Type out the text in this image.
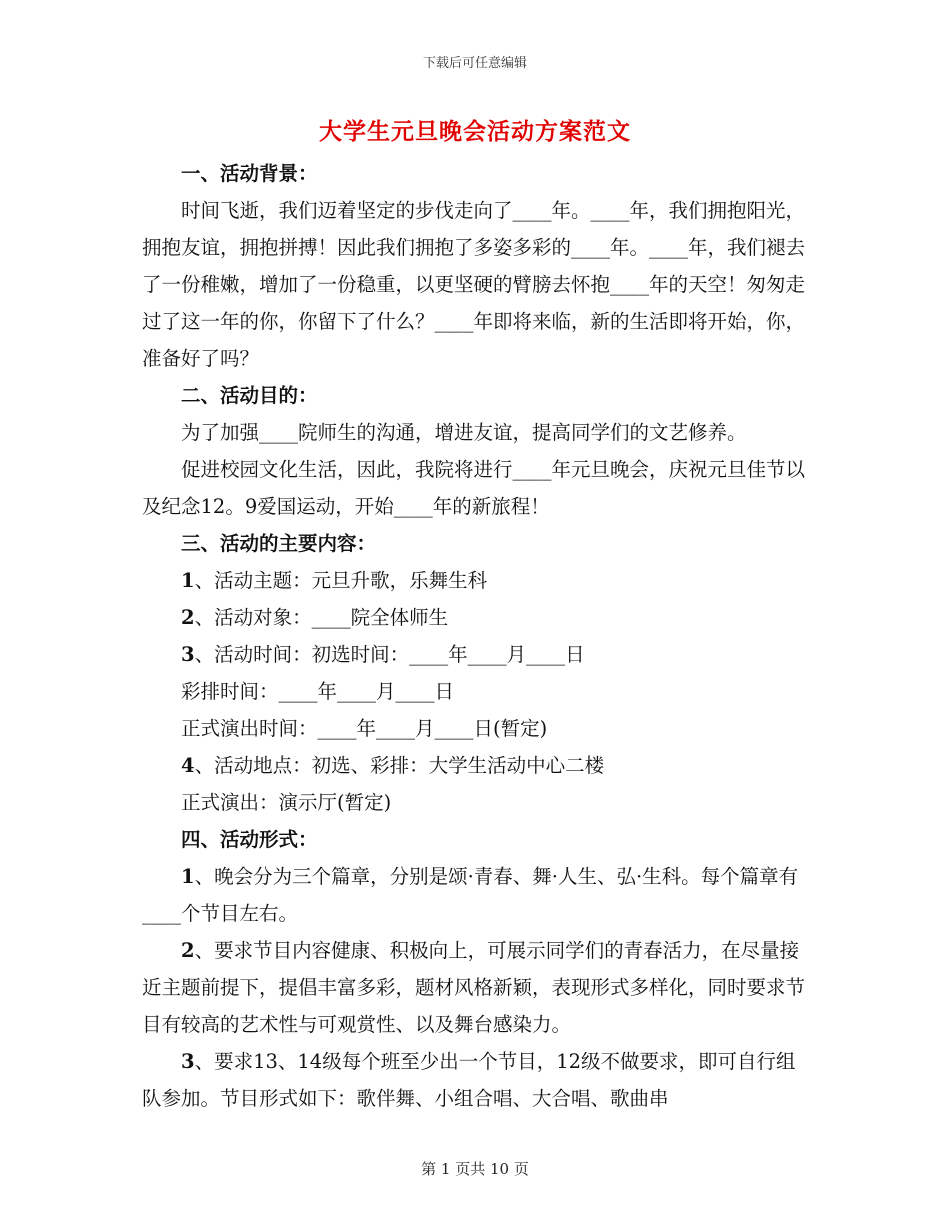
下载后可任意编辑
大学生元旦晚会活动方案范文

一、活动背景：

时间飞逝，我们迈着坚定的步伐走向了____年。____年，我们拥抱阳光，拥抱友谊，拥抱拼搏！因此我们拥抱了多姿多彩的____年。____年，我们褪去了一份稚嫩，增加了一份稳重，以更坚硬的臂膀去怀抱____年的天空！匆匆走过了这一年的你，你留下了什么？____年即将来临，新的生活即将开始，你，准备好了吗？

二、活动目的：

为了加强____院师生的沟通，增进友谊，提高同学们的文艺修养。

促进校园文化生活，因此，我院将进行____年元旦晚会，庆祝元旦佳节以及纪念12。9爱国运动，开始____年的新旅程！

三、活动的主要内容：

1、活动主题：元旦升歌，乐舞生科

2、活动对象：____院全体师生

3、活动时间：初选时间：____年____月____日

彩排时间：____年____月____日

正式演出时间：____年____月____日(暂定)

4、活动地点：初选、彩排：大学生活动中心二楼

正式演出：演示厅(暂定)

四、活动形式：

1、晚会分为三个篇章，分别是颂·青春、舞·人生、弘·生科。每个篇章有____个节目左右。

2、要求节目内容健康、积极向上，可展示同学们的青春活力，在尽量接近主题前提下，提倡丰富多彩，题材风格新颖，表现形式多样化，同时要求节目有较高的艺术性与可观赏性、以及舞台感染力。

3、要求13、14级每个班至少出一个节目，12级不做要求，即可自行组队参加。节目形式如下：歌伴舞、小组合唱、大合唱、歌曲串

第 1 页共 10 页
